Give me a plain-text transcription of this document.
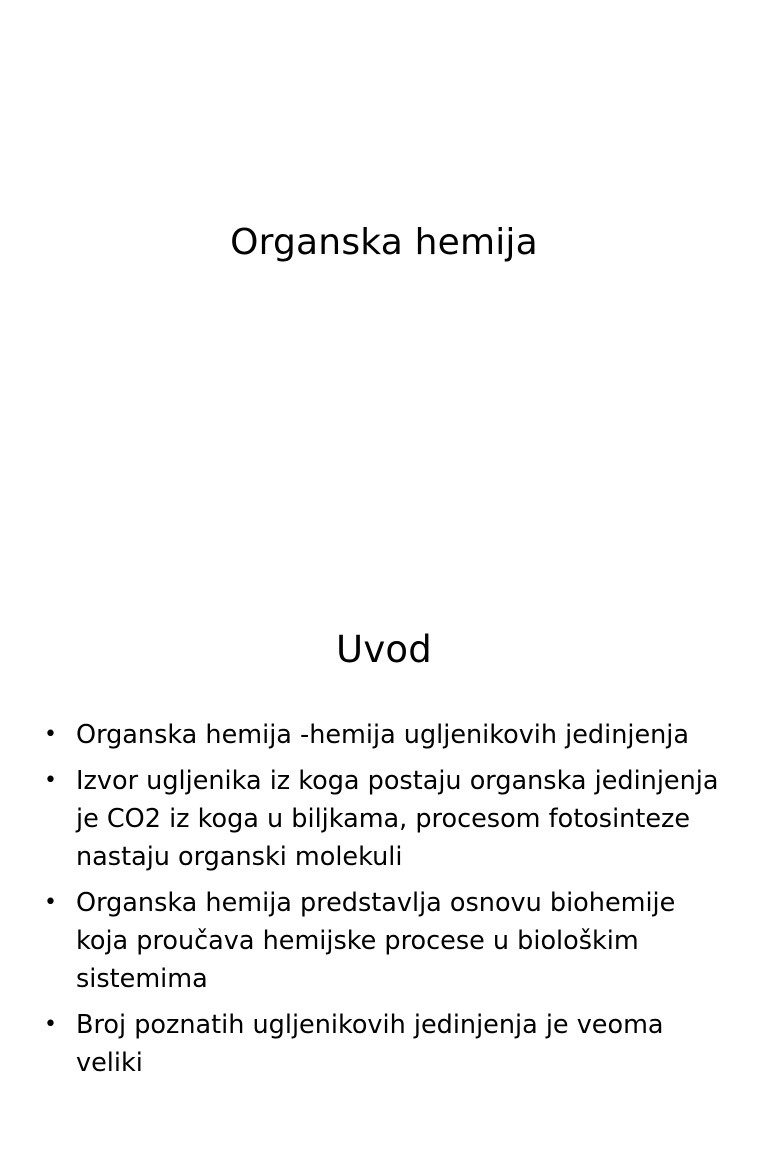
Organska hemija
Uvod
• Organska hemija -hemija ugljenikovih jedinjenja
• Izvor ugljenika iz koga postaju organska jedinjenja je CO2 iz koga u biljkama, procesom fotosinteze nastaju organski molekuli
• Organska hemija predstavlja osnovu biohemije koja proučava hemijske procese u biološkim sistemima
• Broj poznatih ugljenikovih jedinjenja je veoma veliki
